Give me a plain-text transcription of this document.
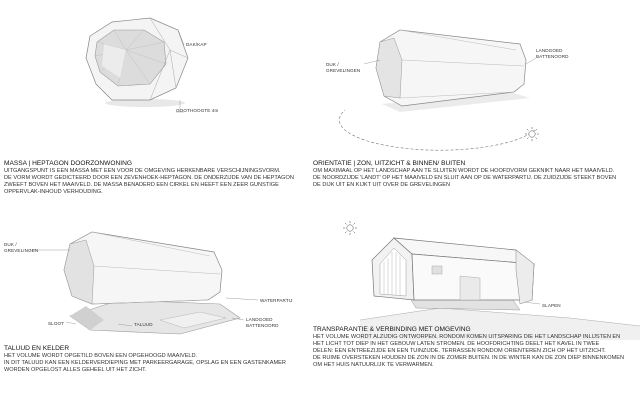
DAK/KAP
GOOTHOOGTE 4m
MASSA | HEPTAGON DOORZONWONING
UITGANGSPUNT IS EEN MASSA MET EEN VOOR DE OMGEVING HERKENBARE VERSCHIJNINGSVORM.
DE VORM WORDT GEDICTEERD DOOR EEN ZEVENHOEK-HEPTAGON. DE ONDERZIJDE VAN DE HEPTAGON
ZWEEFT BOVEN HET MAAIVELD. DE MASSA BENADERD EEN CIRKEL EN HEEFT EEN ZEER GUNSTIGE
OPPERVLAK-INHOUD VERHOUDING.
DUK /
GREVELINGEN
LANDGOED
BATTENOORD
ORIENTATIE | ZON, UITZICHT & BINNEN/ BUITEN
OM MAXIMAAL OP HET LANDSCHAP AAN TE SLUITEN WORDT DE HOOFDVORM GEKNIKT NAAR HET MAAIVELD.
DE NOORDZIJDE 'LANDT' OP HET MAAIVELD EN SLUIT AAN OP DE WATERPARTIJ. DE ZUIDZIJDE STEEKT BOVEN
DE DIJK UIT EN KIJKT UIT OVER DE GREVELINGEN
DUK /
GREVELINGEN
WATERPARTIJ
SLOOT	TALUUD
LANDGOED
BATTENOORD
TALUUD EN KELDER
HET VOLUME WORDT OPGETILD BOVEN EEN OPGEHOOGD MAAIVELD.
IN DIT TALUUD KAN EEN KELDERVERDIEPING MET PARKEERGARAGE, OPSLAG EN EEN GASTENKAMER
WORDEN OPGELOST ALLES GEHEEL UIT HET ZICHT.
SLAPEN
TRANSPARANTIE & VERBINDING MET OMGEVING
HET VOLUME WORDT ALZIJDIG ONTWORPEN. RONDOM KOMEN UITSPARING DIE HET LANDSCHAP INLIJSTEN EN
HET LICHT TOT DIEP IN HET GEBOUW LATEN STROMEN. DE HOOFDRICHTING DEELT HET KAVEL IN TWEE
DELEN: EEN ENTREEZIJDE EN EEN TUINZIJDE. TERRASSEN RONDOM ORIENTEREN ZICH OP HET UITZICHT.
DE RUIME OVERSTEKEN HOUDEN DE ZON IN DE ZOMER BUITEN. IN DE WINTER KAN DE ZON DIEP BINNENKOMEN
OM HET HUIS NATUURLIJK TE VERWARMEN.
